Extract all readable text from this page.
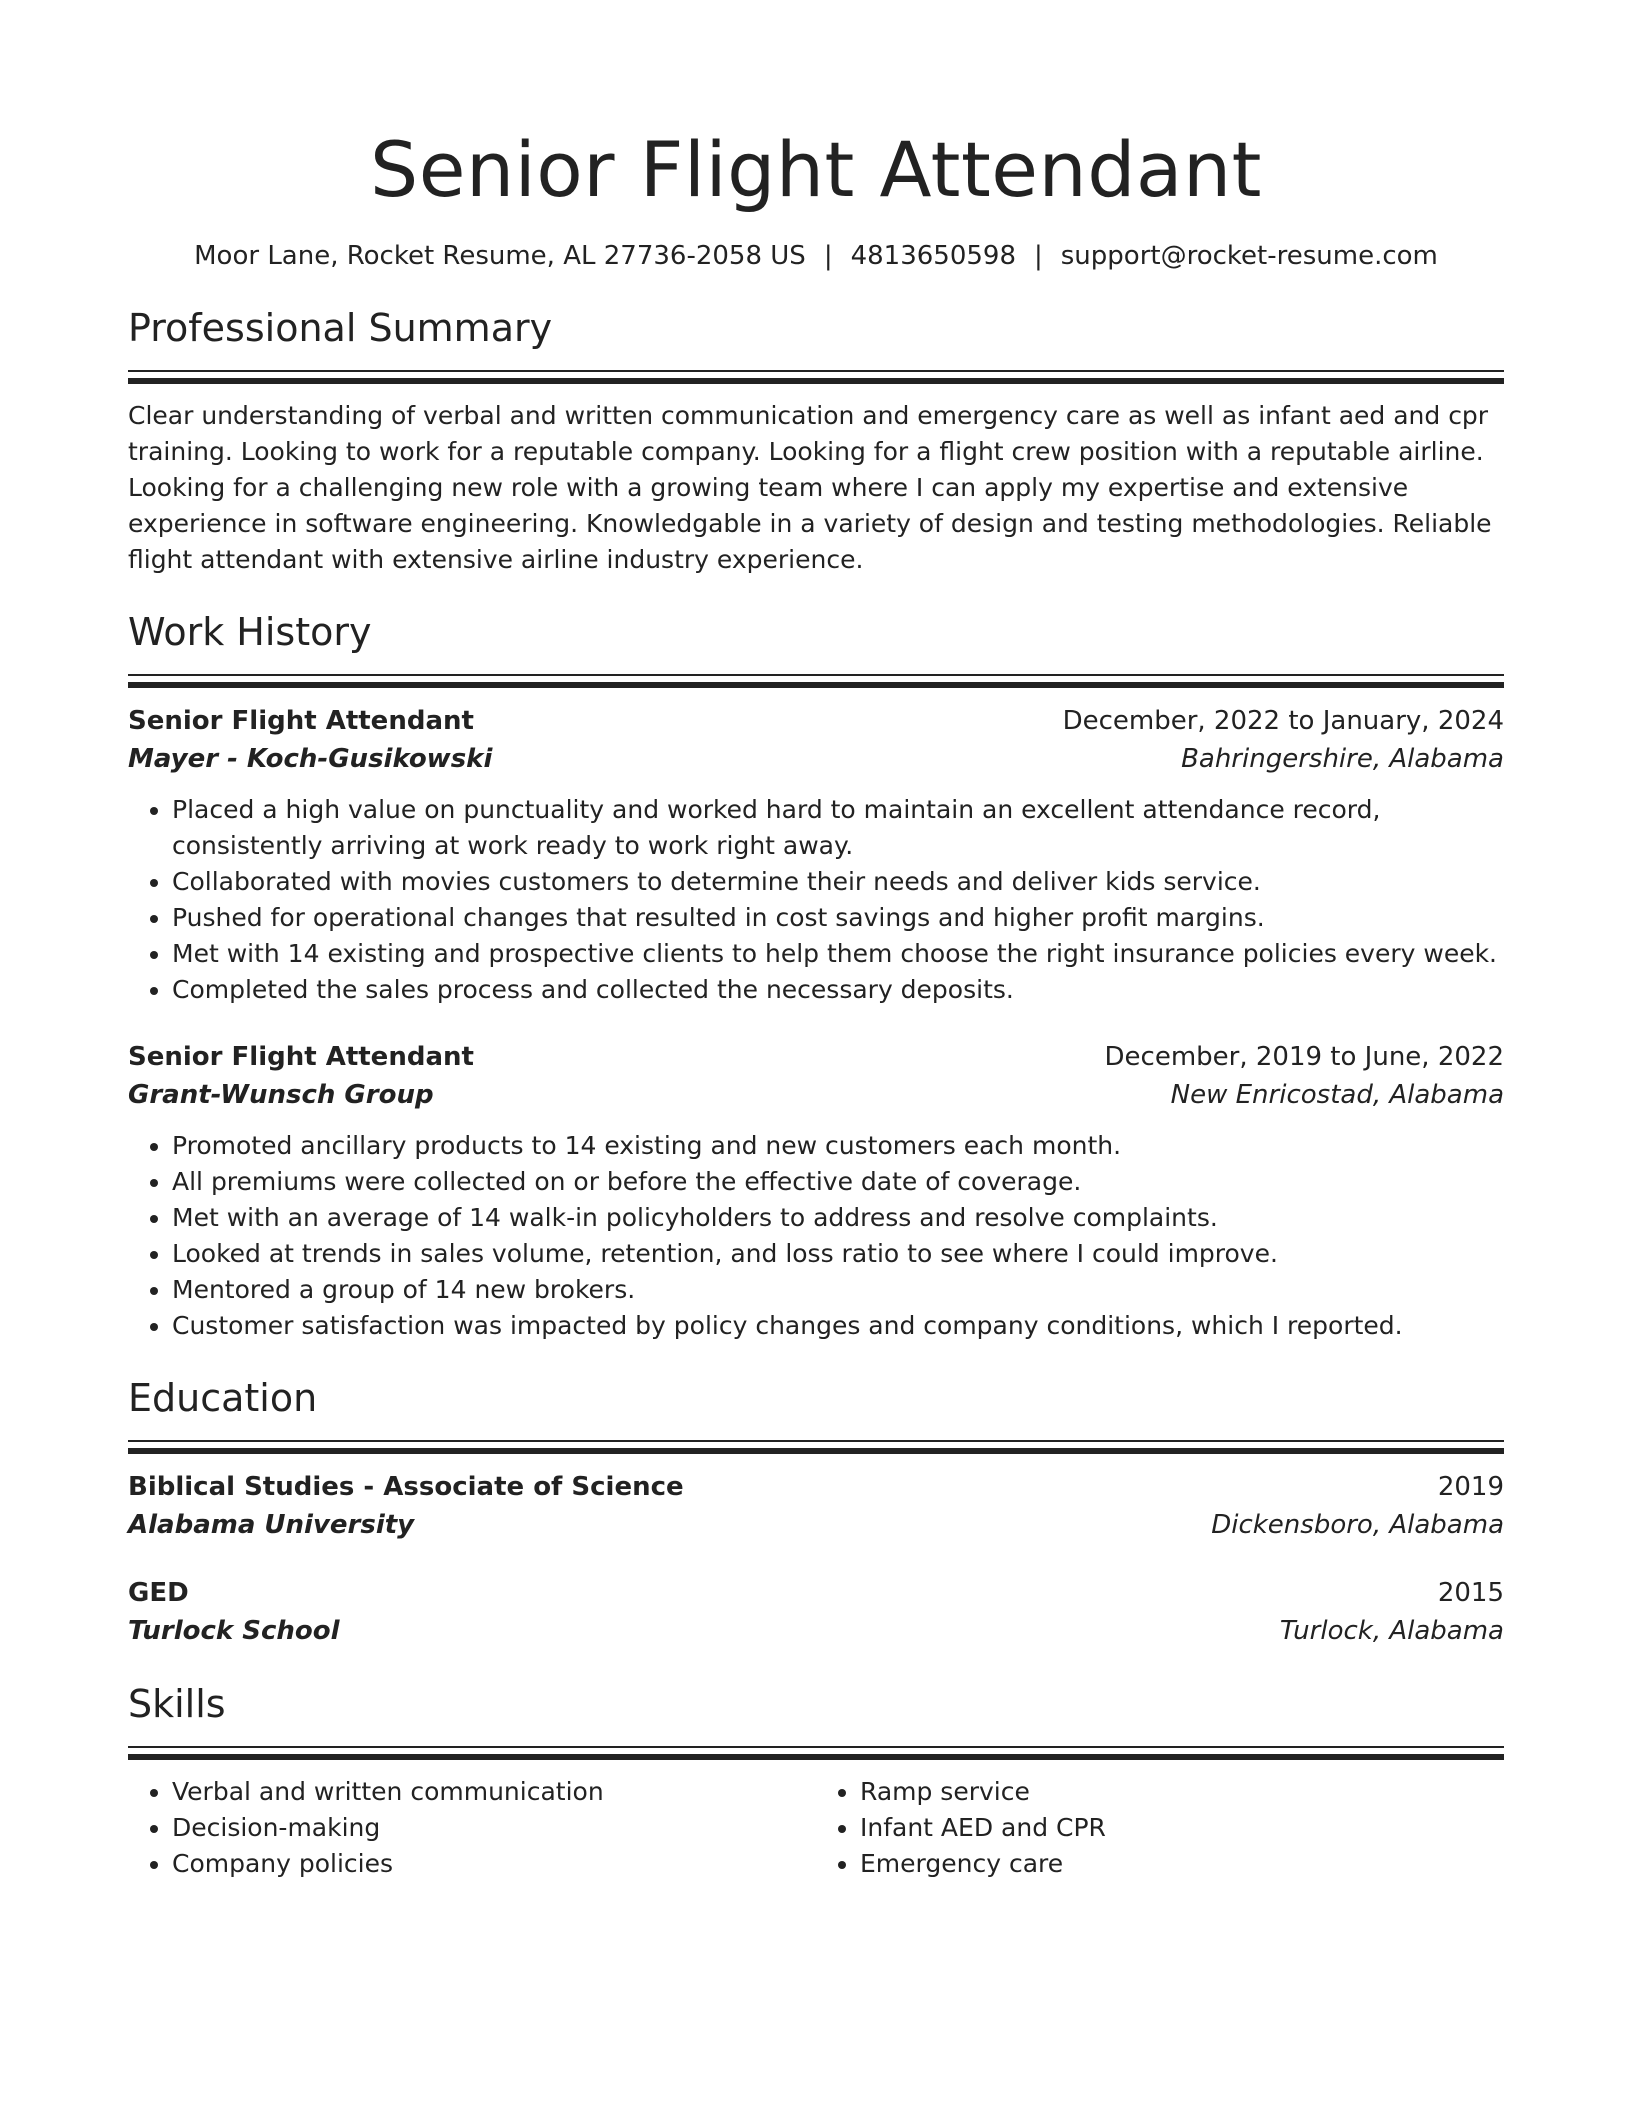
Senior Flight Attendant
Moor Lane, Rocket Resume, AL 27736-2058 US | 4813650598 | support@rocket-resume.com
Professional Summary

Clear understanding of verbal and written communication and emergency care as well as infant aed and cpr training. Looking to work for a reputable company. Looking for a flight crew position with a reputable airline. Looking for a challenging new role with a growing team where I can apply my expertise and extensive experience in software engineering. Knowledgable in a variety of design and testing methodologies. Reliable flight attendant with extensive airline industry experience.

Work History
Senior Flight Attendant	December, 2022 to January, 2024
Mayer - Koch-Gusikowski	Bahringershire, Alabama
• Placed a high value on punctuality and worked hard to maintain an excellent attendance record, consistently arriving at work ready to work right away.
• Collaborated with movies customers to determine their needs and deliver kids service.
• Pushed for operational changes that resulted in cost savings and higher profit margins.
• Met with 14 existing and prospective clients to help them choose the right insurance policies every week.
• Completed the sales process and collected the necessary deposits.
Senior Flight Attendant	December, 2019 to June, 2022
Grant-Wunsch Group	New Enricostad, Alabama
• Promoted ancillary products to 14 existing and new customers each month.
• All premiums were collected on or before the effective date of coverage.
• Met with an average of 14 walk-in policyholders to address and resolve complaints.
• Looked at trends in sales volume, retention, and loss ratio to see where I could improve.
• Mentored a group of 14 new brokers.
• Customer satisfaction was impacted by policy changes and company conditions, which I reported.
Education
Biblical Studies - Associate of Science	2019
Alabama University	Dickensboro, Alabama
GED	2015
Turlock School	Turlock, Alabama
Skills
• Verbal and written communication
• Decision-making
• Company policies
• Ramp service
• Infant AED and CPR
• Emergency care
